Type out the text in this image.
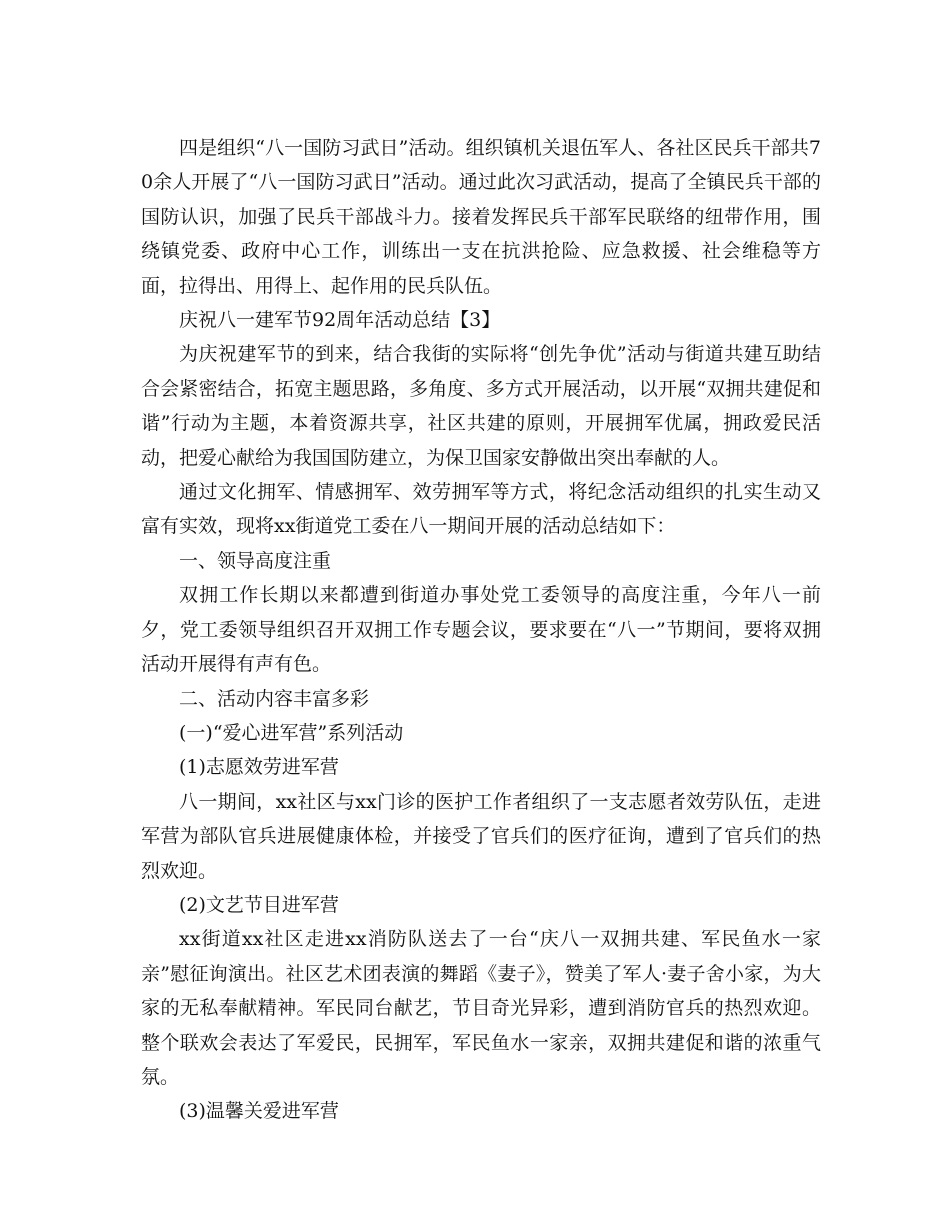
四是组织“八一国防习武日”活动。组织镇机关退伍军人、各社区民兵干部共70余人开展了“八一国防习武日”活动。通过此次习武活动，提高了全镇民兵干部的国防认识，加强了民兵干部战斗力。接着发挥民兵干部军民联络的纽带作用，围绕镇党委、政府中心工作，训练出一支在抗洪抢险、应急救援、社会维稳等方面，拉得出、用得上、起作用的民兵队伍。

庆祝八一建军节92周年活动总结【3】

为庆祝建军节的到来，结合我街的实际将“创先争优”活动与街道共建互助结合会紧密结合，拓宽主题思路，多角度、多方式开展活动，以开展“双拥共建促和谐”行动为主题，本着资源共享，社区共建的原则，开展拥军优属，拥政爱民活动，把爱心献给为我国国防建立，为保卫国家安静做出突出奉献的人。

通过文化拥军、情感拥军、效劳拥军等方式，将纪念活动组织的扎实生动又富有实效，现将xx街道党工委在八一期间开展的活动总结如下：

一、领导高度注重

双拥工作长期以来都遭到街道办事处党工委领导的高度注重，今年八一前夕，党工委领导组织召开双拥工作专题会议，要求要在“八一”节期间，要将双拥活动开展得有声有色。

二、活动内容丰富多彩

(一)“爱心进军营”系列活动

(1)志愿效劳进军营

八一期间，xx社区与xx门诊的医护工作者组织了一支志愿者效劳队伍，走进军营为部队官兵进展健康体检，并接受了官兵们的医疗征询，遭到了官兵们的热烈欢迎。

(2)文艺节目进军营

xx街道xx社区走进xx消防队送去了一台“庆八一双拥共建、军民鱼水一家亲”慰征询演出。社区艺术团表演的舞蹈《妻子》，赞美了军人·妻子舍小家，为大家的无私奉献精神。军民同台献艺，节目奇光异彩，遭到消防官兵的热烈欢迎。整个联欢会表达了军爱民，民拥军，军民鱼水一家亲，双拥共建促和谐的浓重气氛。

(3)温馨关爱进军营
